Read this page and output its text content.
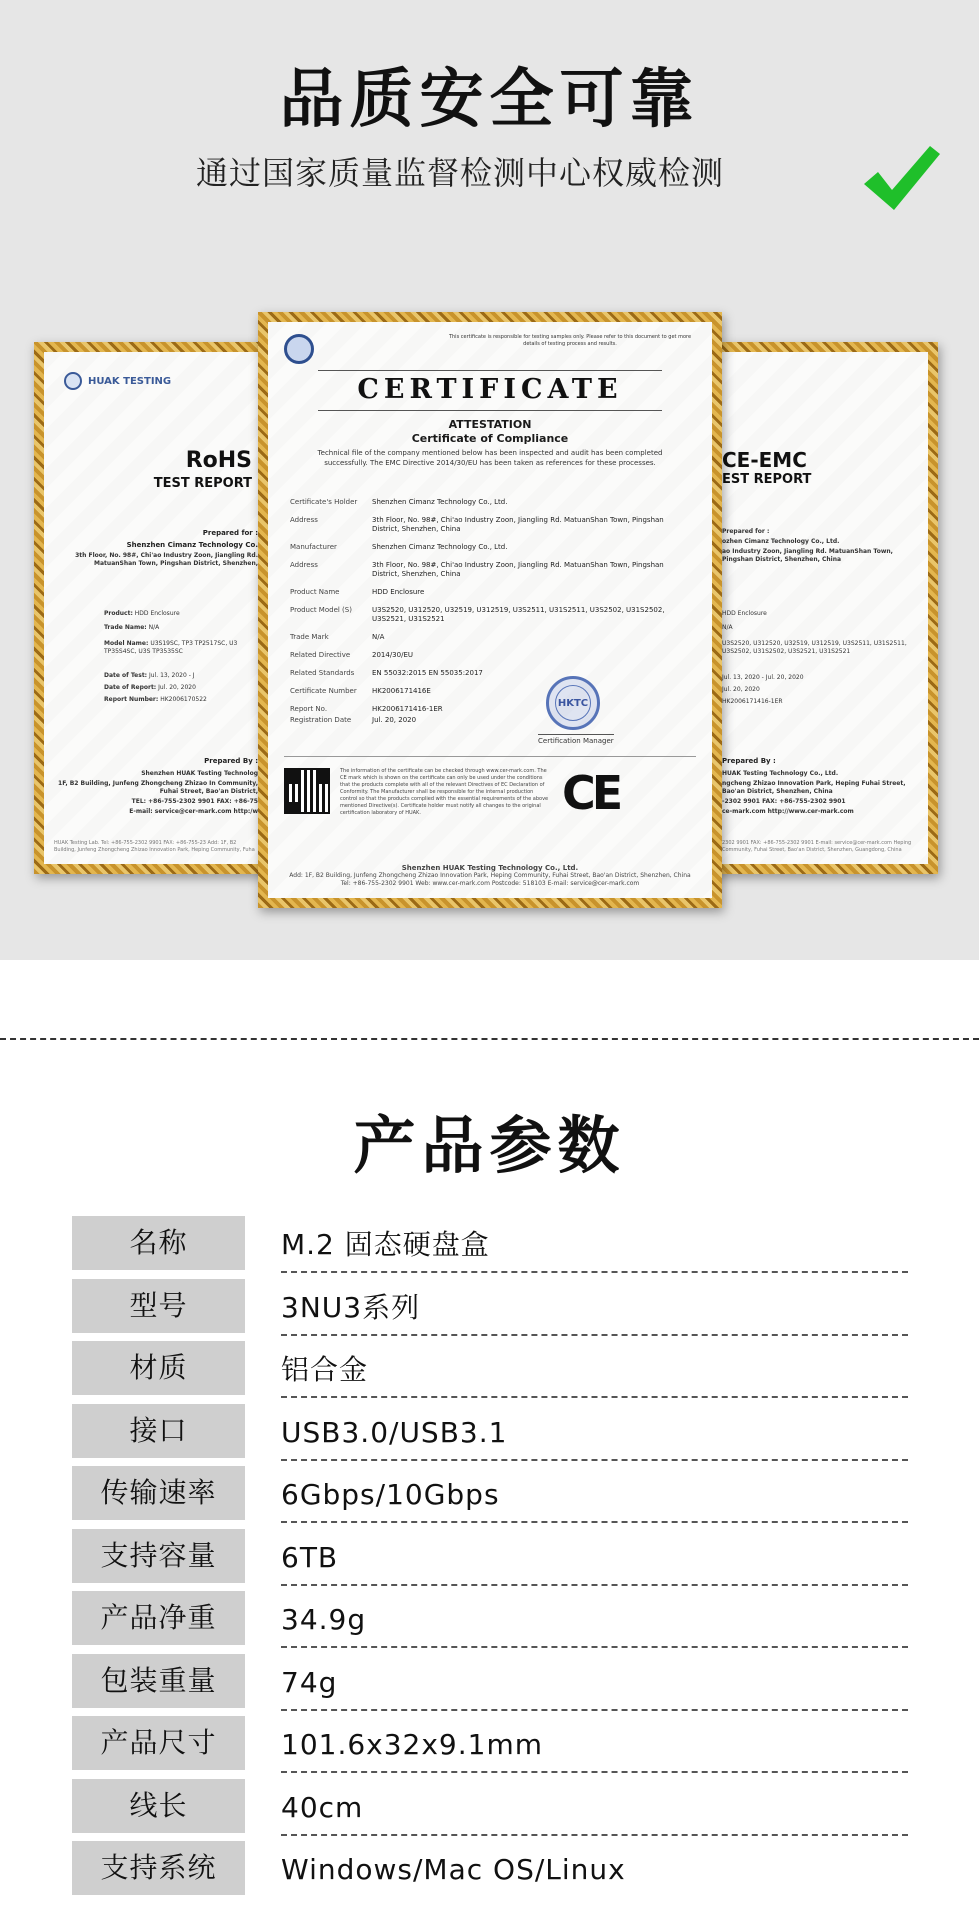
品质安全可靠

通过国家质量监督检测中心权威检测

HUAK TESTING
RoHS
TEST REPORT
Prepared for :
Shenzhen Cimanz Technology Co.
3th Floor, No. 98#, Chi'ao Industry Zoon, Jiangling Rd. MatuanShan Town, Pingshan District, Shenzhen,
Product: HDD Enclosure
Trade Name: N/A
Model Name: U3S19SC, TP3 TP2517SC, U3 TP35S4SC, U3S TP3535SC
Date of Test: Jul. 13, 2020 - J
Date of Report: Jul. 20, 2020
Report Number: HK2006170522
Prepared By :
Shenzhen HUAK Testing Technolog
1F, B2 Building, Junfeng Zhongcheng Zhizao In Community, Fuhai Street, Bao'an District,
TEL: +86-755-2302 9901 FAX: +86-75
E-mail: service@cer-mark.com http:/w
HUAK Testing Lab. Tel: +86-755-2302 9901 FAX: +86-755-23 Add: 1F, B2 Building, Junfeng Zhongcheng Zhizao Innovation Park, Heping Community, Fuha
CE-EMC
EST REPORT
Prepared for :
ozhen Cimanz Technology Co., Ltd.
ao Industry Zoon, Jiangling Rd. MatuanShan Town, Pingshan District, Shenzhen, China
HDD Enclosure
N/A
U3S2520, U312520, U32519, U312519, U3S2511, U31S2511, U3S2502, U31S2502, U3S2521, U31S2521
Jul. 13, 2020 - Jul. 20, 2020
Jul. 20, 2020
HK2006171416-1ER
Prepared By :
HUAK Testing Technology Co., Ltd.
ngcheng Zhizao Innovation Park, Heping Fuhai Street, Bao'an District, Shenzhen, China
-2302 9901 FAX: +86-755-2302 9901
ce-mark.com http://www.cer-mark.com
2302 9901 FAX: +86-755-2302 9901 E-mail: service@cer-mark.com Heping Community, Fuhai Street, Bao'an District, Shenzhen, Guangdong, China
This certificate is responsible for testing samples only. Please refer to this document to get more details of testing process and results.
CERTIFICATE
ATTESTATION
Certificate of Compliance
Technical file of the company mentioned below has been inspected and audit has been completed successfully. The EMC Directive 2014/30/EU has been taken as references for these processes.
Certificate's Holder	Shenzhen Cimanz Technology Co., Ltd.
Address	3th Floor, No. 98#, Chi'ao Industry Zoon, Jiangling Rd. MatuanShan Town, Pingshan District, Shenzhen, China
Manufacturer	Shenzhen Cimanz Technology Co., Ltd.
Address	3th Floor, No. 98#, Chi'ao Industry Zoon, Jiangling Rd. MatuanShan Town, Pingshan District, Shenzhen, China
Product Name	HDD Enclosure
Product Model (S)	U3S2520, U312520, U32519, U312519, U3S2511, U31S2511, U3S2502, U31S2502, U3S2521, U31S2521
Trade Mark	N/A
Related Directive	2014/30/EU
Related Standards	EN 55032:2015 EN 55035:2017
Certificate Number	HK2006171416E
Report No.	HK2006171416-1ER
Registration Date	Jul. 20, 2020
HKTC
Certification Manager
The information of the certificate can be checked through www.cer-mark.com. The CE mark which is shown on the certificate can only be used under the conditions that the products complete with all of the relevant Directives of EC Declaration of Conformity. The Manufacturer shall be responsible for the internal production control so that the products complied with the essential requirements of the above mentioned Directive(s). Certificate holder must notify all changes to the original certification laboratory of HUAK.	CE
Shenzhen HUAK Testing Technology Co., Ltd.
Add: 1F, B2 Building, Junfeng Zhongcheng Zhizao Innovation Park, Heping Community, Fuhai Street, Bao'an District, Shenzhen, China
Tel: +86-755-2302 9901 Web: www.cer-mark.com Postcode: 518103 E-mail: service@cer-mark.com
产品参数
名称	M.2 固态硬盘盒
型号	3NU3系列
材质	铝合金
接口	USB3.0/USB3.1
传输速率	6Gbps/10Gbps
支持容量	6TB
产品净重	34.9g
包装重量	74g
产品尺寸	101.6x32x9.1mm
线长	40cm
支持系统	Windows/Mac OS/Linux
